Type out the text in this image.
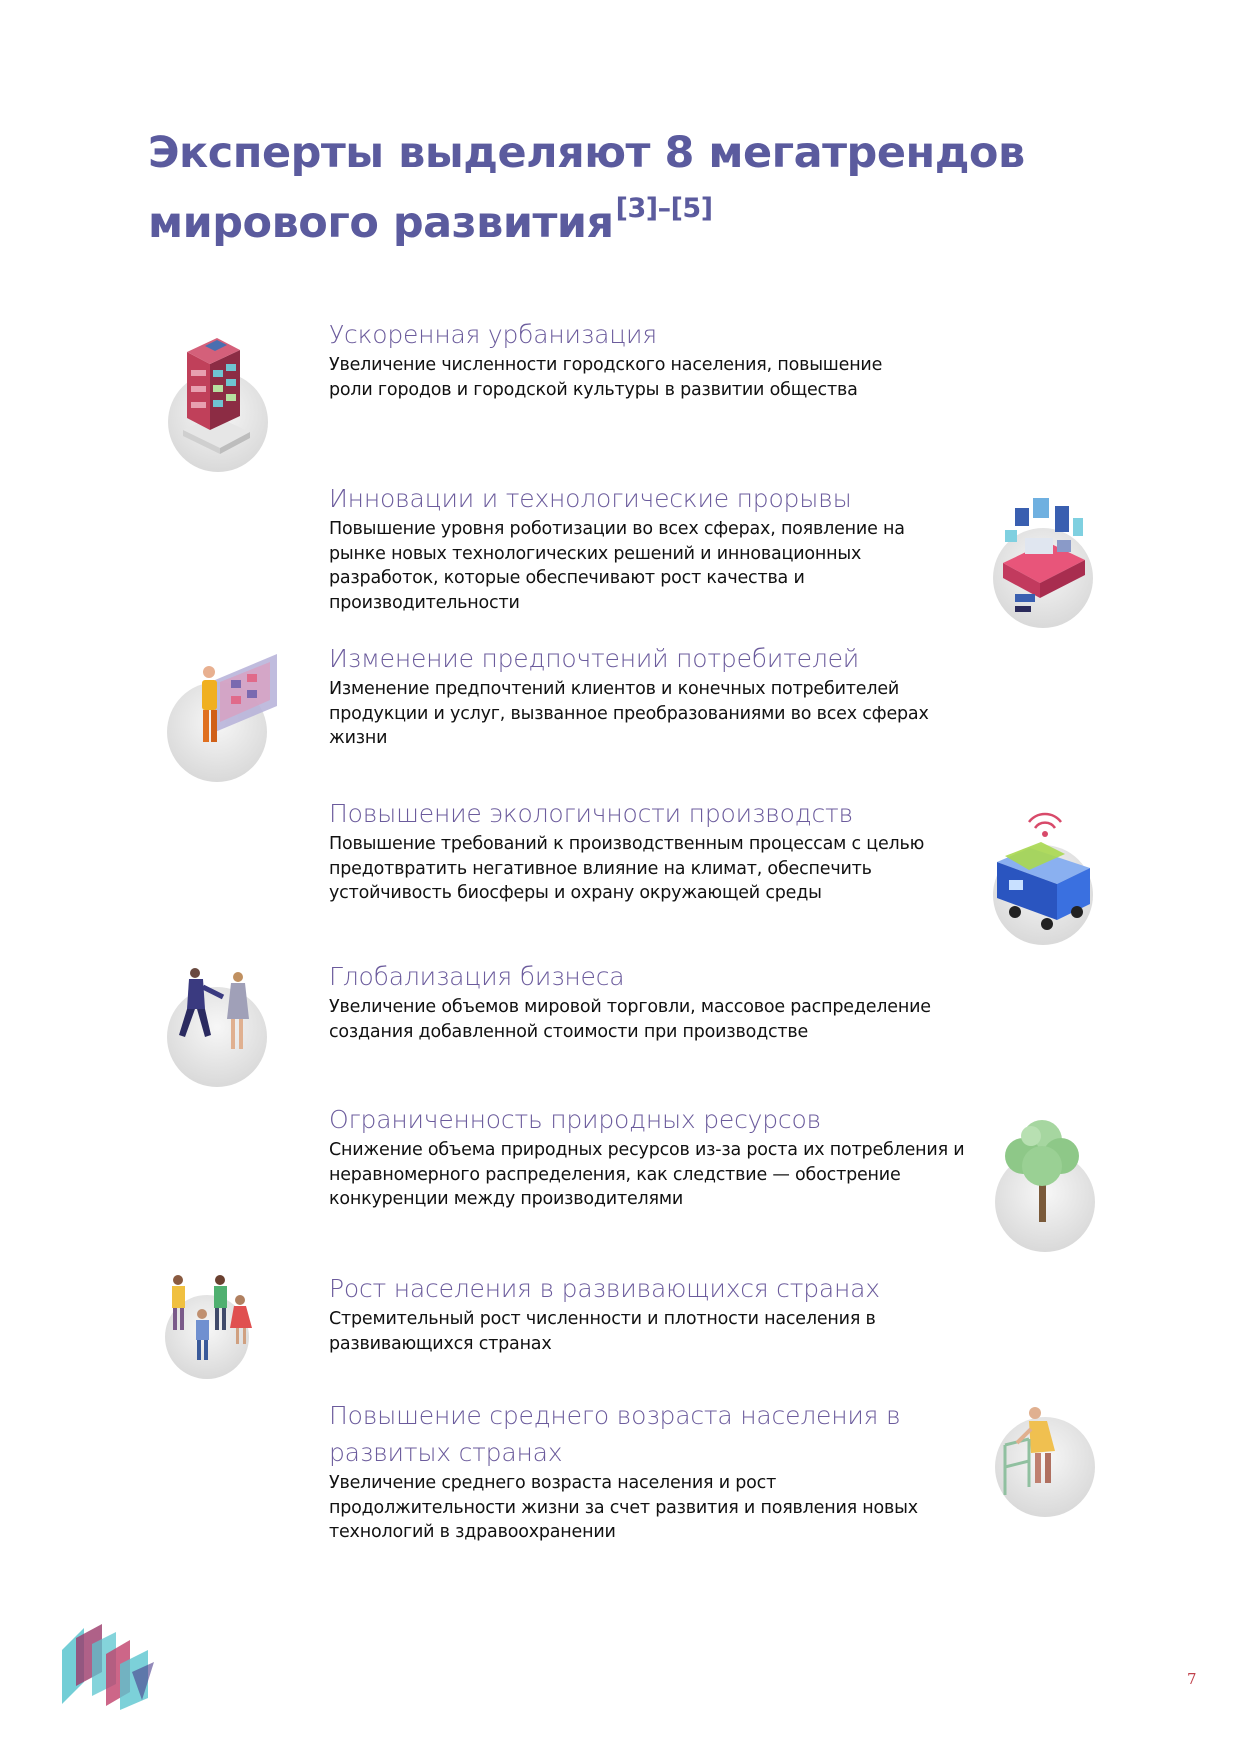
Эксперты выделяют 8 мегатрендов
мирового развития[3]–[5]
Ускоренная урбанизация
Увеличение численности городского населения, повышение роли городов и городской культуры в развитии общества
Инновации и технологические прорывы
Повышение уровня роботизации во всех сферах, появление на рынке новых технологических решений и инновационных разработок, которые обеспечивают рост качества и производительности
Изменение предпочтений потребителей
Изменение предпочтений клиентов и конечных потребителей продукции и услуг, вызванное преобразованиями во всех сферах жизни
Повышение экологичности производств
Повышение требований к производственным процессам с целью предотвратить негативное влияние на климат, обеспечить устойчивость биосферы и охрану окружающей среды
Глобализация бизнеса
Увеличение объемов мировой торговли, массовое распределение создания добавленной стоимости при производстве
Ограниченность природных ресурсов
Снижение объема природных ресурсов из-за роста их потребления и неравномерного распределения, как следствие — обострение конкуренции между производителями
Рост населения в развивающихся странах
Стремительный рост численности и плотности населения в развивающихся странах
Повышение среднего возраста населения в развитых странах
Увеличение среднего возраста населения и рост продолжительности жизни за счет развития и появления новых технологий в здравоохранении
7
